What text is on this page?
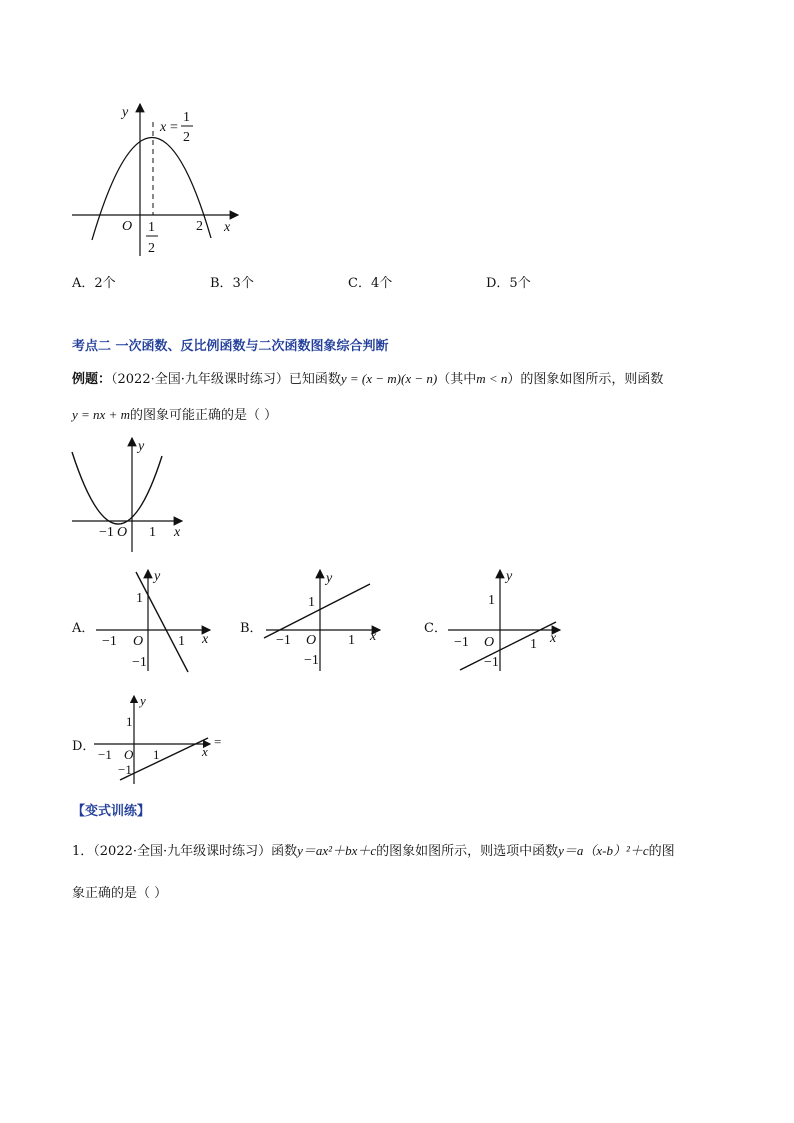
y
x
O
x =
1
2
1
2
2
A．2个	B．3个	C．4个	D．5个
考点二 一次函数、反比例函数与二次函数图象综合判断
例题：（2022·全国·九年级课时练习）已知函数y = (x − m)(x − n)（其中m < n）的图象如图所示，则函数
y = nx + m的图象可能正确的是（ ）
y
x
−1 O 1
A．
y
x
1
−1 O 1
−1
B．
y
x
1
−1 O 1
−1
C．
y
x
1
−1 O	1
−1
D．
y
x
1
−1 O 1
−1
=
【变式训练】
1．（2022·全国·九年级课时练习）函数y＝ax²＋bx＋c的图象如图所示，则选项中函数y＝a（x-b）²＋c的图
象正确的是（ ）
